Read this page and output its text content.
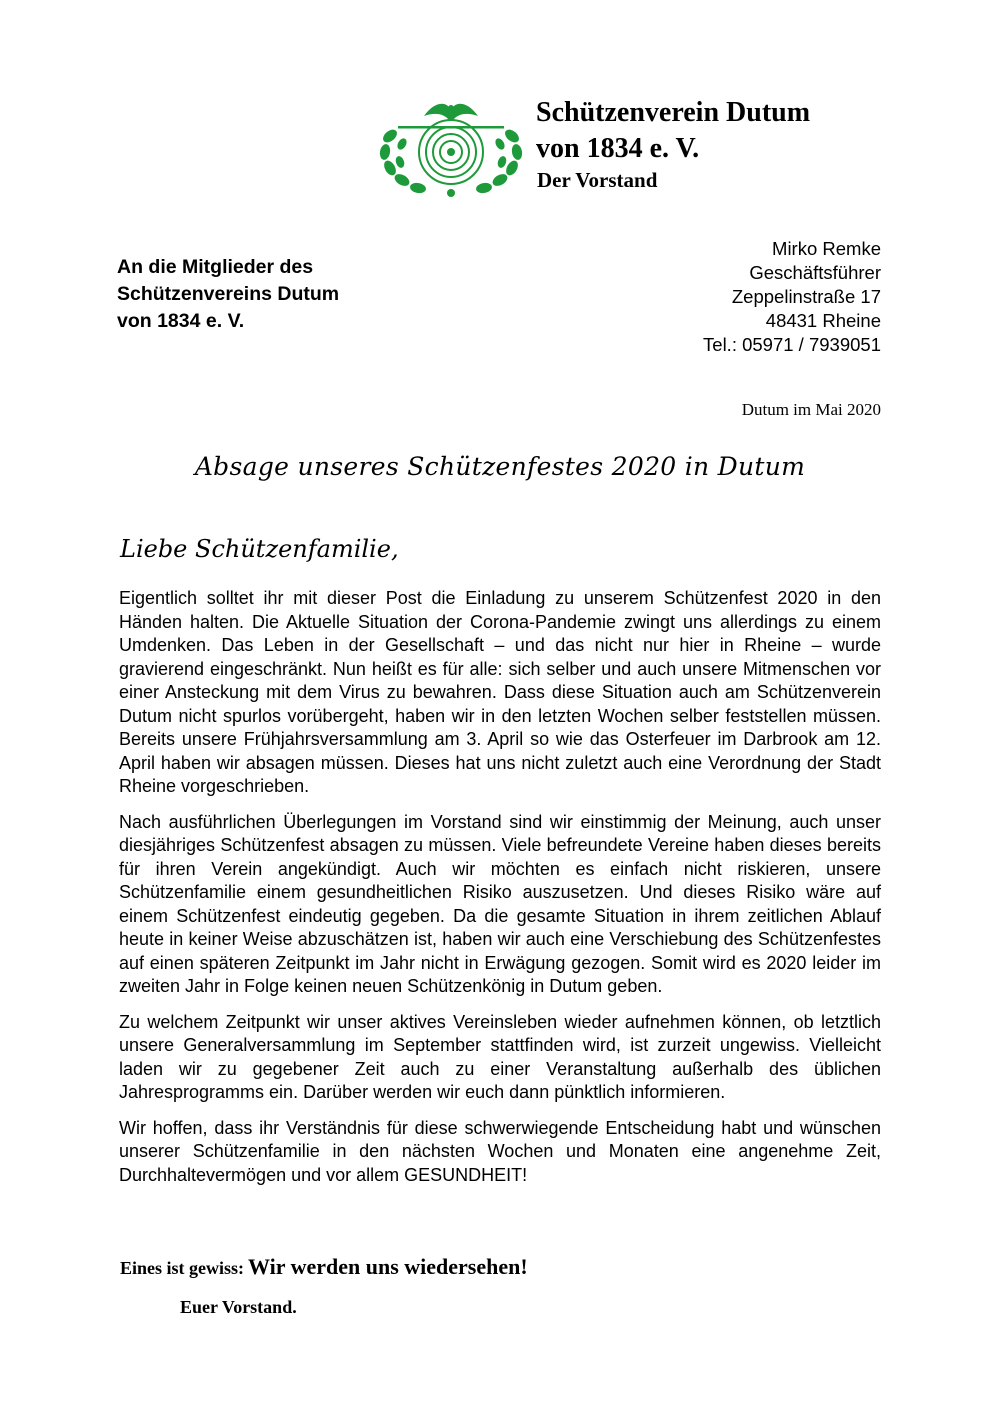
Schützenverein Dutum
von 1834 e. V.
Der Vorstand
An die Mitglieder des
Schützenvereins Dutum
von 1834 e. V.
Mirko Remke
Geschäftsführer
Zeppelinstraße 17
48431 Rheine
Tel.: 05971 / 7939051
Dutum im Mai 2020
Absage unseres Schützenfestes 2020 in Dutum
Liebe Schützenfamilie,

Eigentlich solltet ihr mit dieser Post die Einladung zu unserem Schützenfest 2020 in den Händen halten. Die Aktuelle Situation der Corona-Pandemie zwingt uns allerdings zu einem Umdenken. Das Leben in der Gesellschaft – und das nicht nur hier in Rheine – wurde gravierend eingeschränkt. Nun heißt es für alle: sich selber und auch unsere Mitmenschen vor einer Ansteckung mit dem Virus zu bewahren. Dass diese Situation auch am Schützenverein Dutum nicht spurlos vorübergeht, haben wir in den letzten Wochen selber feststellen müssen. Bereits unsere Frühjahrsversammlung am 3. April so wie das Osterfeuer im Darbrook am 12. April haben wir absagen müssen. Dieses hat uns nicht zuletzt auch eine Verordnung der Stadt Rheine vorgeschrieben.

Nach ausführlichen Überlegungen im Vorstand sind wir einstimmig der Meinung, auch unser diesjähriges Schützenfest absagen zu müssen. Viele befreundete Vereine haben dieses bereits für ihren Verein angekündigt. Auch wir möchten es einfach nicht riskieren, unsere Schützenfamilie einem gesundheitlichen Risiko auszusetzen. Und dieses Risiko wäre auf einem Schützenfest eindeutig gegeben. Da die gesamte Situation in ihrem zeitlichen Ablauf heute in keiner Weise abzuschätzen ist, haben wir auch eine Verschiebung des Schützenfestes auf einen späteren Zeitpunkt im Jahr nicht in Erwägung gezogen. Somit wird es 2020 leider im zweiten Jahr in Folge keinen neuen Schützenkönig in Dutum geben.

Zu welchem Zeitpunkt wir unser aktives Vereinsleben wieder aufnehmen können, ob letztlich unsere Generalversammlung im September stattfinden wird, ist zurzeit ungewiss. Vielleicht laden wir zu gegebener Zeit auch zu einer Veranstaltung außerhalb des üblichen Jahresprogramms ein. Darüber werden wir euch dann pünktlich informieren.

Wir hoffen, dass ihr Verständnis für diese schwerwiegende Entscheidung habt und wünschen unserer Schützenfamilie in den nächsten Wochen und Monaten eine angenehme Zeit, Durchhaltevermögen und vor allem GESUNDHEIT!

Eines ist gewiss: Wir werden uns wiedersehen!
Euer Vorstand.
